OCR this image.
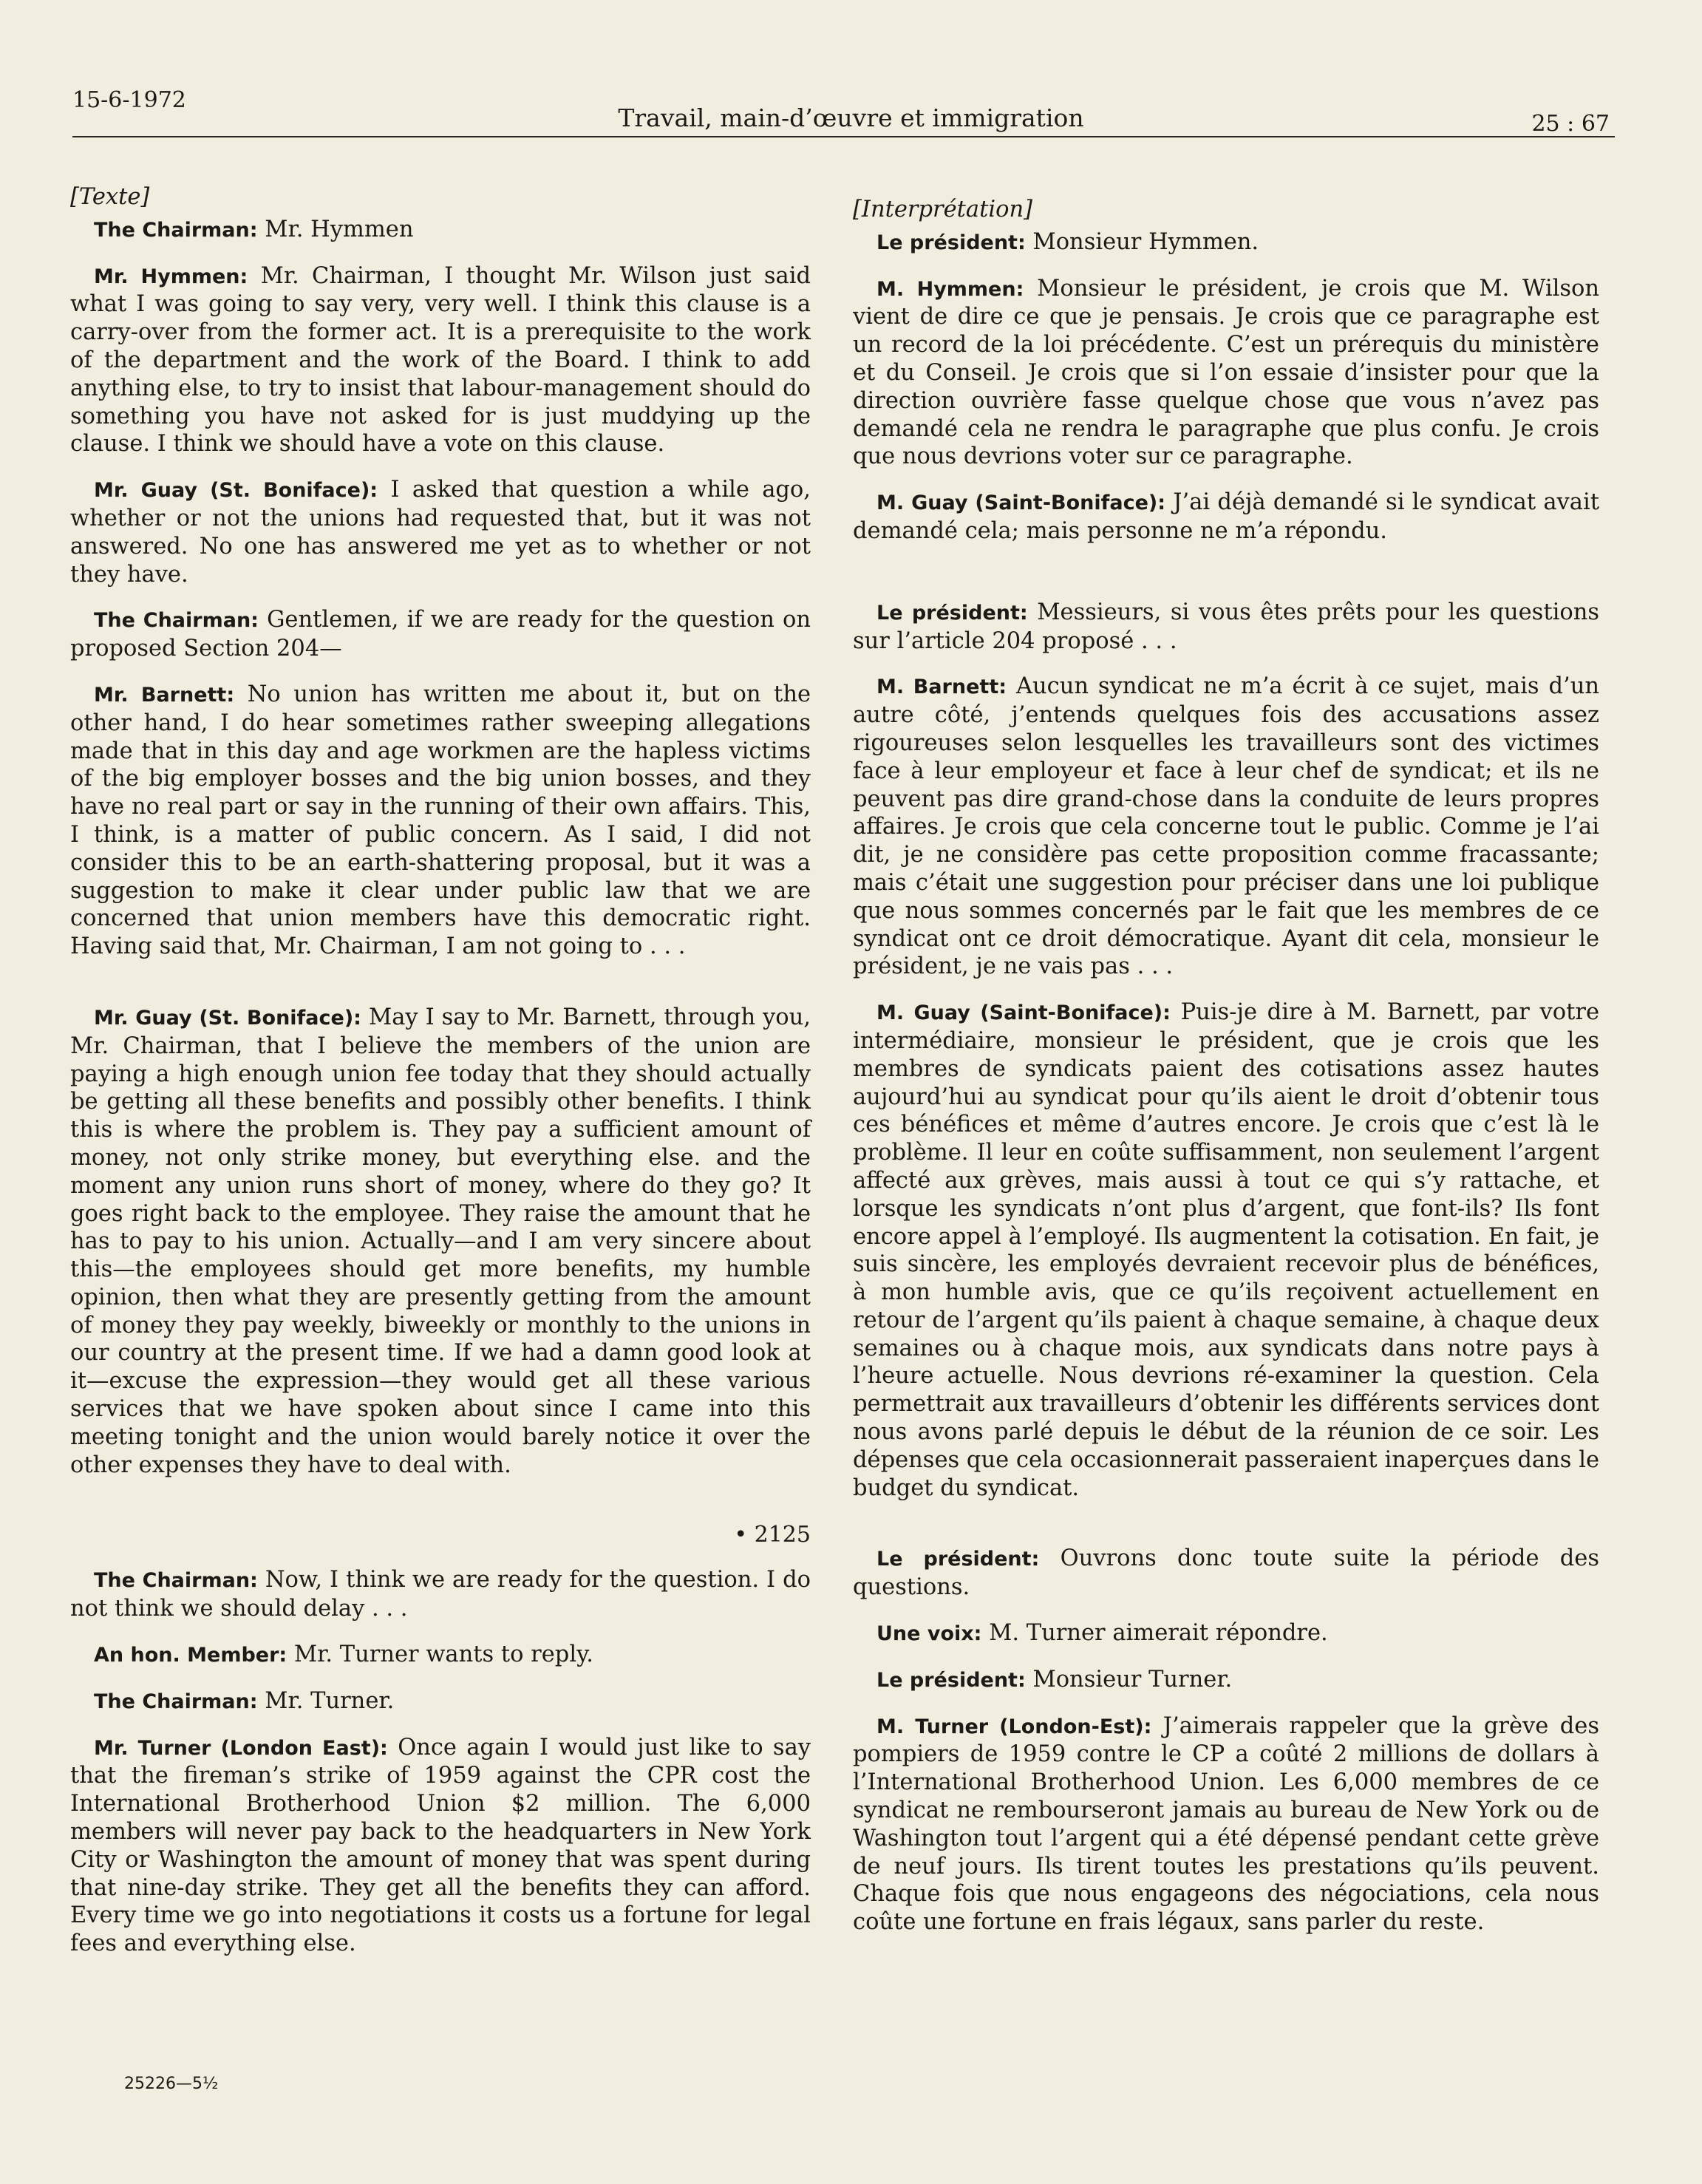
15-6-1972
Travail, main-d’œuvre et immigration	25 : 67

[Texte]

The Chairman: Mr. Hymmen

Mr. Hymmen: Mr. Chairman, I thought Mr. Wilson just said what I was going to say very, very well. I think this clause is a carry-over from the former act. It is a prerequisite to the work of the department and the work of the Board. I think to add anything else, to try to insist that labour-management should do something you have not asked for is just muddying up the clause. I think we should have a vote on this clause.

Mr. Guay (St. Boniface): I asked that question a while ago, whether or not the unions had requested that, but it was not answered. No one has answered me yet as to whether or not they have.

The Chairman: Gentlemen, if we are ready for the question on proposed Section 204—

Mr. Barnett: No union has written me about it, but on the other hand, I do hear sometimes rather sweeping allegations made that in this day and age workmen are the hapless victims of the big employer bosses and the big union bosses, and they have no real part or say in the running of their own affairs. This, I think, is a matter of public concern. As I said, I did not consider this to be an earth-shattering proposal, but it was a suggestion to make it clear under public law that we are concerned that union members have this democratic right. Having said that, Mr. Chairman, I am not going to . . .

Mr. Guay (St. Boniface): May I say to Mr. Barnett, through you, Mr. Chairman, that I believe the members of the union are paying a high enough union fee today that they should actually be getting all these benefits and possibly other benefits. I think this is where the problem is. They pay a sufficient amount of money, not only strike money, but everything else. and the moment any union runs short of money, where do they go? It goes right back to the employee. They raise the amount that he has to pay to his union. Actually—and I am very sincere about this—the employees should get more benefits, my humble opinion, then what they are presently getting from the amount of money they pay weekly, biweekly or monthly to the unions in our country at the present time. If we had a damn good look at it—excuse the expression—they would get all these various services that we have spoken about since I came into this meeting tonight and the union would barely notice it over the other expenses they have to deal with.

• 2125

The Chairman: Now, I think we are ready for the question. I do not think we should delay . . .

An hon. Member: Mr. Turner wants to reply.

The Chairman: Mr. Turner.

Mr. Turner (London East): Once again I would just like to say that the fireman’s strike of 1959 against the CPR cost the International Brotherhood Union $2 million. The 6,000 members will never pay back to the headquarters in New York City or Washington the amount of money that was spent during that nine-day strike. They get all the benefits they can afford. Every time we go into negotiations it costs us a fortune for legal fees and everything else.

[Interprétation]

Le président: Monsieur Hymmen.

M. Hymmen: Monsieur le président, je crois que M. Wilson vient de dire ce que je pensais. Je crois que ce paragraphe est un record de la loi précédente. C’est un prérequis du ministère et du Conseil. Je crois que si l’on essaie d’insister pour que la direction ouvrière fasse quelque chose que vous n’avez pas demandé cela ne rendra le paragraphe que plus confu. Je crois que nous devrions voter sur ce paragraphe.

M. Guay (Saint-Boniface): J’ai déjà demandé si le syndicat avait demandé cela; mais personne ne m’a répondu.

Le président: Messieurs, si vous êtes prêts pour les questions sur l’article 204 proposé . . .

M. Barnett: Aucun syndicat ne m’a écrit à ce sujet, mais d’un autre côté, j’entends quelques fois des accusations assez rigoureuses selon lesquelles les travailleurs sont des victimes face à leur employeur et face à leur chef de syndicat; et ils ne peuvent pas dire grand-chose dans la conduite de leurs propres affaires. Je crois que cela concerne tout le public. Comme je l’ai dit, je ne considère pas cette proposition comme fracassante; mais c’était une suggestion pour préciser dans une loi publique que nous sommes concernés par le fait que les membres de ce syndicat ont ce droit démocratique. Ayant dit cela, monsieur le président, je ne vais pas . . .

M. Guay (Saint-Boniface): Puis-je dire à M. Barnett, par votre intermédiaire, monsieur le président, que je crois que les membres de syndicats paient des cotisations assez hautes aujourd’hui au syndicat pour qu’ils aient le droit d’obtenir tous ces bénéfices et même d’autres encore. Je crois que c’est là le problème. Il leur en coûte suffisamment, non seulement l’argent affecté aux grèves, mais aussi à tout ce qui s’y rattache, et lorsque les syndicats n’ont plus d’argent, que font-ils? Ils font encore appel à l’employé. Ils augmentent la cotisation. En fait, je suis sincère, les employés devraient recevoir plus de bénéfices, à mon humble avis, que ce qu’ils reçoivent actuellement en retour de l’argent qu’ils paient à chaque semaine, à chaque deux semaines ou à chaque mois, aux syndicats dans notre pays à l’heure actuelle. Nous devrions ré-examiner la question. Cela permettrait aux travailleurs d’obtenir les différents services dont nous avons parlé depuis le début de la réunion de ce soir. Les dépenses que cela occasionnerait passeraient inaperçues dans le budget du syndicat.

Le président: Ouvrons donc toute suite la période des questions.

Une voix: M. Turner aimerait répondre.

Le président: Monsieur Turner.

M. Turner (London-Est): J’aimerais rappeler que la grève des pompiers de 1959 contre le CP a coûté 2 millions de dollars à l’International Brotherhood Union. Les 6,000 membres de ce syndicat ne rembourseront jamais au bureau de New York ou de Washington tout l’argent qui a été dépensé pendant cette grève de neuf jours. Ils tirent toutes les prestations qu’ils peuvent. Chaque fois que nous engageons des négociations, cela nous coûte une fortune en frais légaux, sans parler du reste.

25226—5½
